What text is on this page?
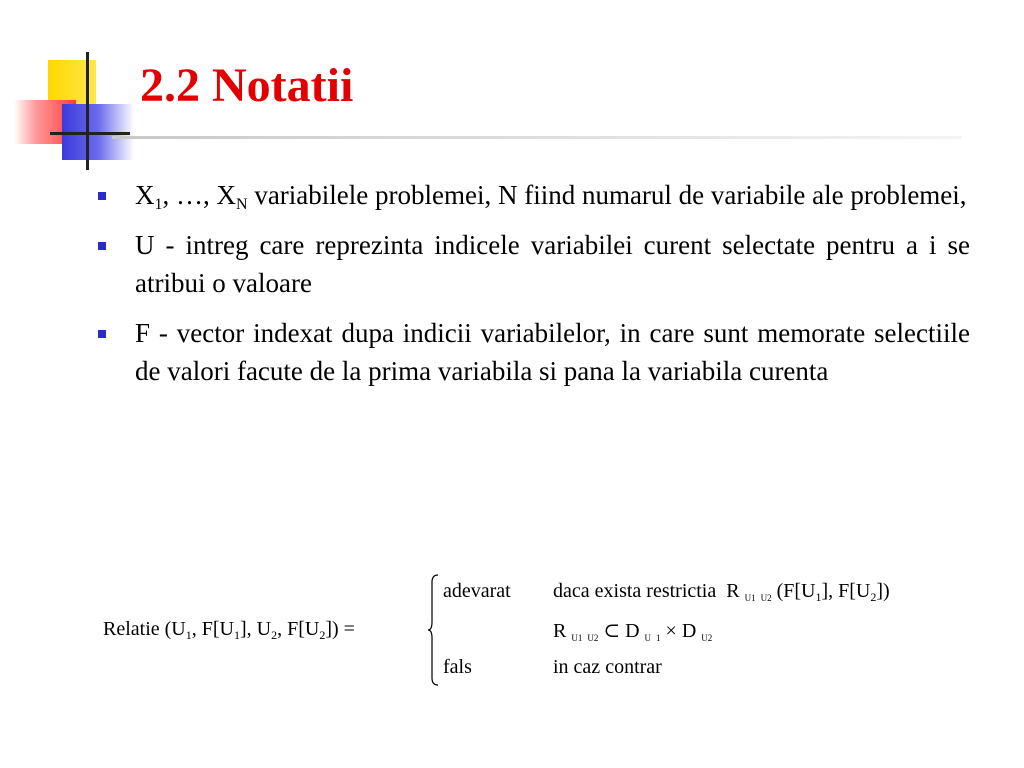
2.2 Notatii
$X_1$, …, $X_N$ variabilele problemei, N fiind numarul de variabile ale problemei,
U - intreg care reprezinta indicele variabilei curent selectate pentru a i se atribui o valoare
F - vector indexat dupa indicii variabilelor, in care sunt memorate selectiile de valori facute de la prima variabila si pana la variabila curenta
Relatie ($U_1$, $F[U_1]$, $U_2$, $F[U_2]$) =
adevarat daca exista restrictia R $_{U1}$ $_{U2}$ ($F[U_1]$, $F[U_2]$)
R $_{U1}$ $_{U2}$ ⊂ D $_U$ $_1$ × D $_{U2}$
fals	in caz contrar
